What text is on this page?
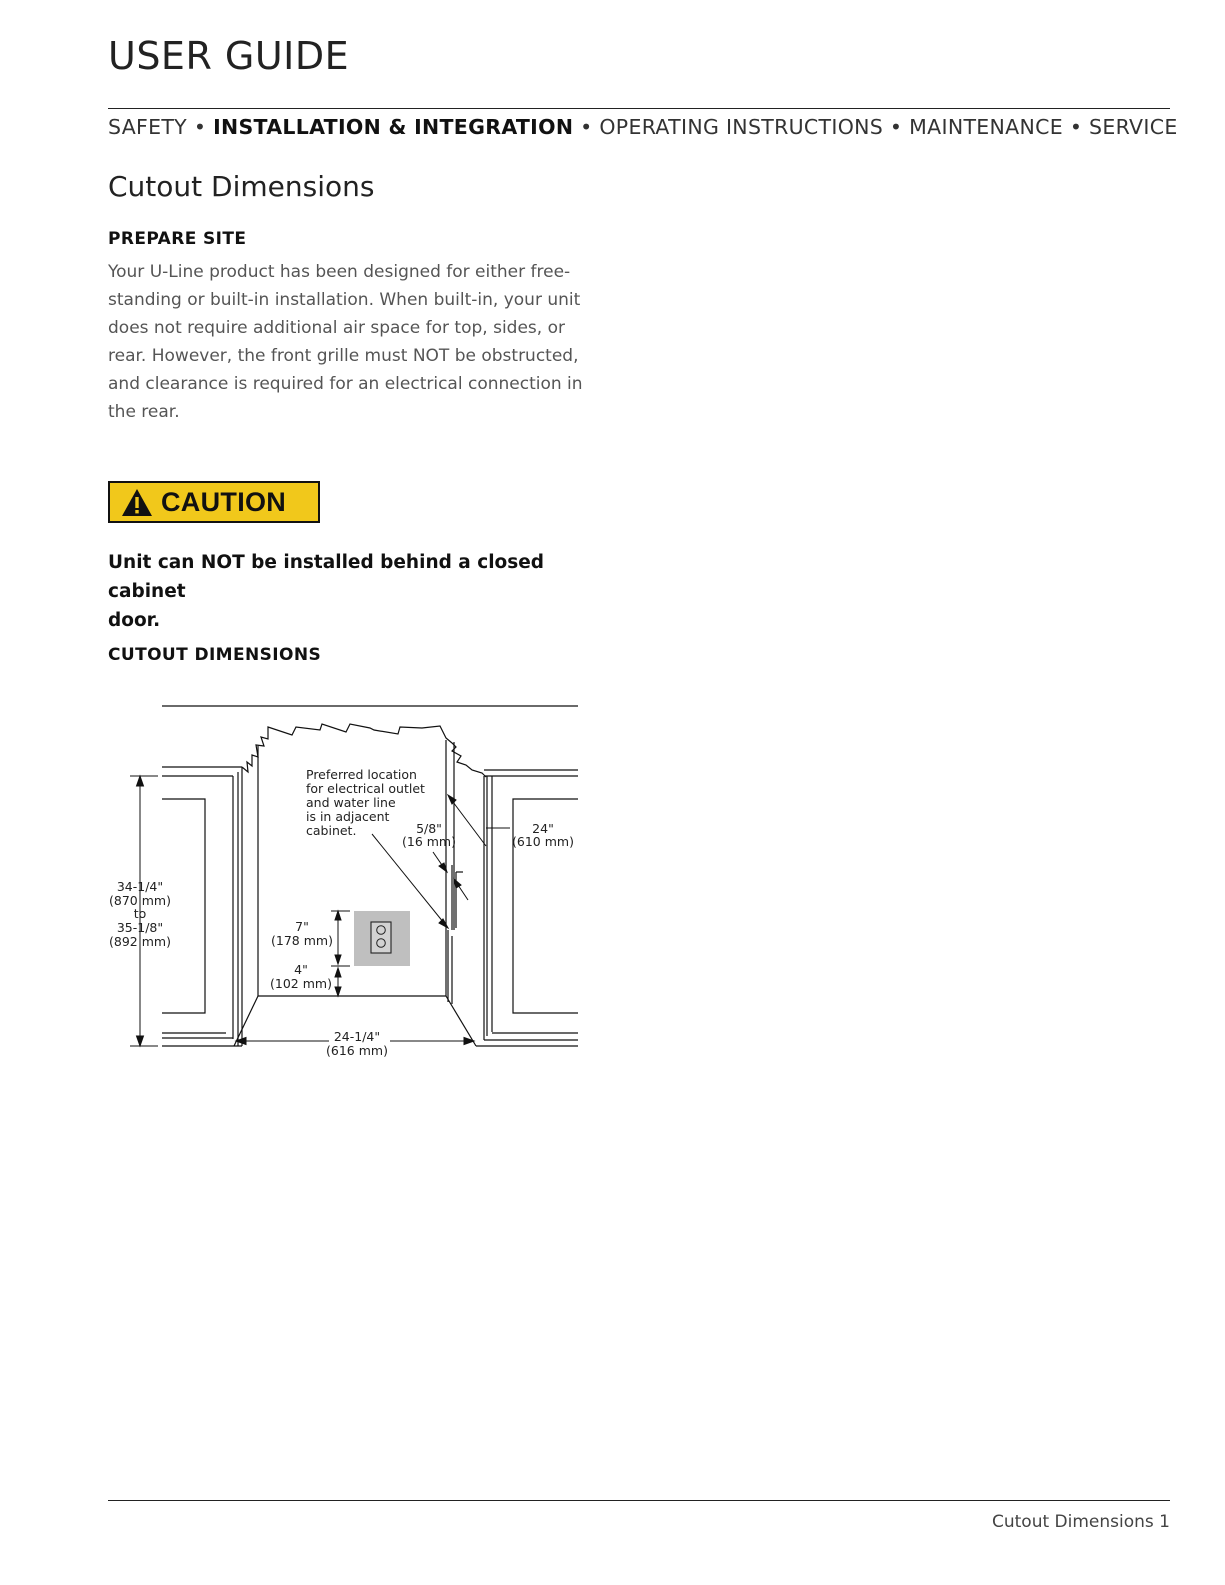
USER GUIDE
SAFETY • INSTALLATION & INTEGRATION • OPERATING INSTRUCTIONS • MAINTENANCE • SERVICE
Cutout Dimensions
PREPARE SITE

Your U-Line product has been designed for either free-
standing or built-in installation. When built-in, your unit
does not require additional air space for top, sides, or
rear. However, the front grille must NOT be obstructed,
and clearance is required for an electrical connection in
the rear.

CAUTION

Unit can NOT be installed behind a closed cabinet
door.

CUTOUT DIMENSIONS
34-1/4"
(870 mm)
to
35-1/8"
(892 mm)
Preferred location
for electrical outlet
and water line
is in adjacent
cabinet.
7"
(178 mm)
4"
(102 mm)
5/8"
(16 mm)
24"
(610 mm)
24-1/4"
(616 mm)
Cutout Dimensions 1
